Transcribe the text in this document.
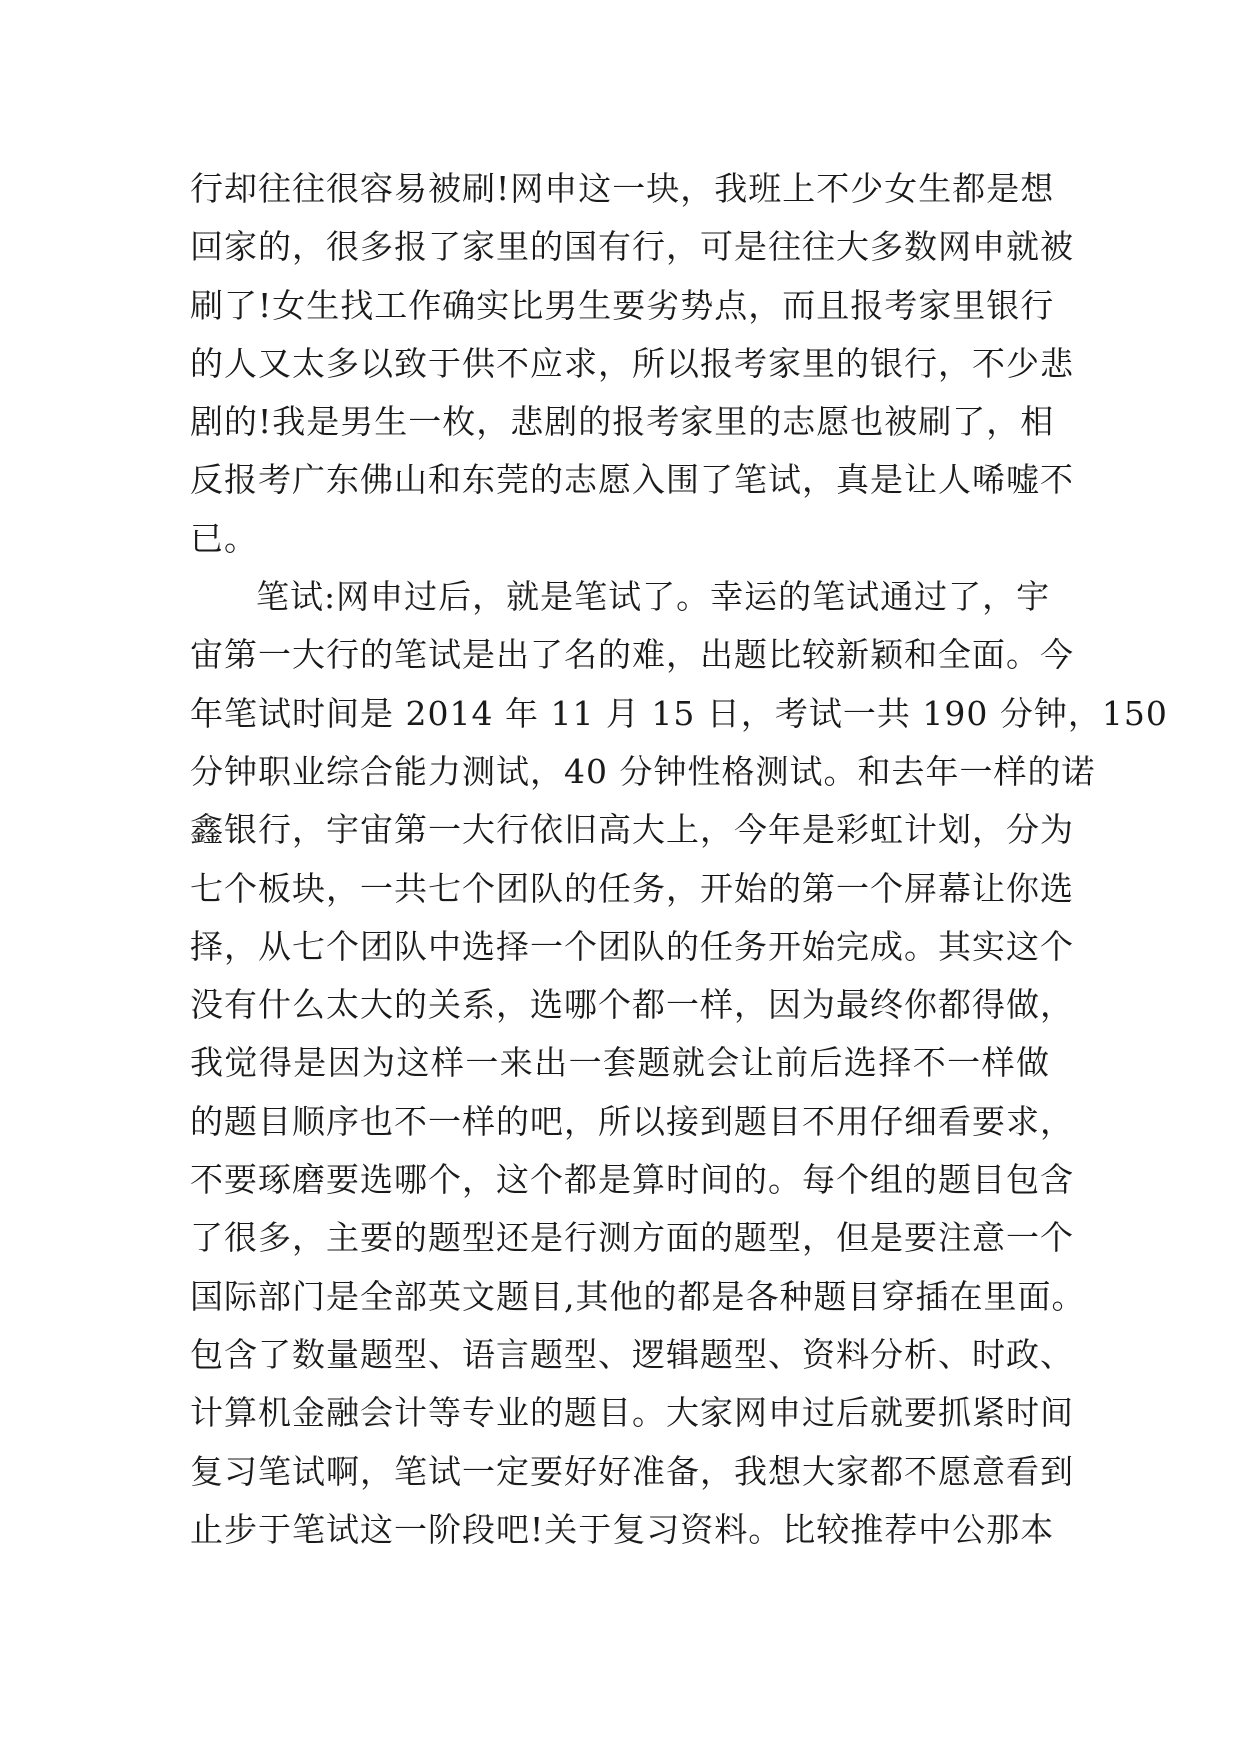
行却往往很容易被刷!网申这一块，我班上不少女生都是想
回家的，很多报了家里的国有行，可是往往大多数网申就被
刷了!女生找工作确实比男生要劣势点，而且报考家里银行
的人又太多以致于供不应求，所以报考家里的银行，不少悲
剧的!我是男生一枚，悲剧的报考家里的志愿也被刷了，相
反报考广东佛山和东莞的志愿入围了笔试，真是让人唏嘘不
已。
笔试:网申过后，就是笔试了。幸运的笔试通过了，宇
宙第一大行的笔试是出了名的难，出题比较新颖和全面。今
年笔试时间是 2014 年 11 月 15 日，考试一共 190 分钟，150
分钟职业综合能力测试，40 分钟性格测试。和去年一样的诺
鑫银行，宇宙第一大行依旧高大上，今年是彩虹计划，分为
七个板块，一共七个团队的任务，开始的第一个屏幕让你选
择，从七个团队中选择一个团队的任务开始完成。其实这个
没有什么太大的关系，选哪个都一样，因为最终你都得做，
我觉得是因为这样一来出一套题就会让前后选择不一样做
的题目顺序也不一样的吧，所以接到题目不用仔细看要求，
不要琢磨要选哪个，这个都是算时间的。每个组的题目包含
了很多，主要的题型还是行测方面的题型，但是要注意一个
国际部门是全部英文题目,其他的都是各种题目穿插在里面。
包含了数量题型、语言题型、逻辑题型、资料分析、时政、
计算机金融会计等专业的题目。大家网申过后就要抓紧时间
复习笔试啊，笔试一定要好好准备，我想大家都不愿意看到
止步于笔试这一阶段吧!关于复习资料。比较推荐中公那本
